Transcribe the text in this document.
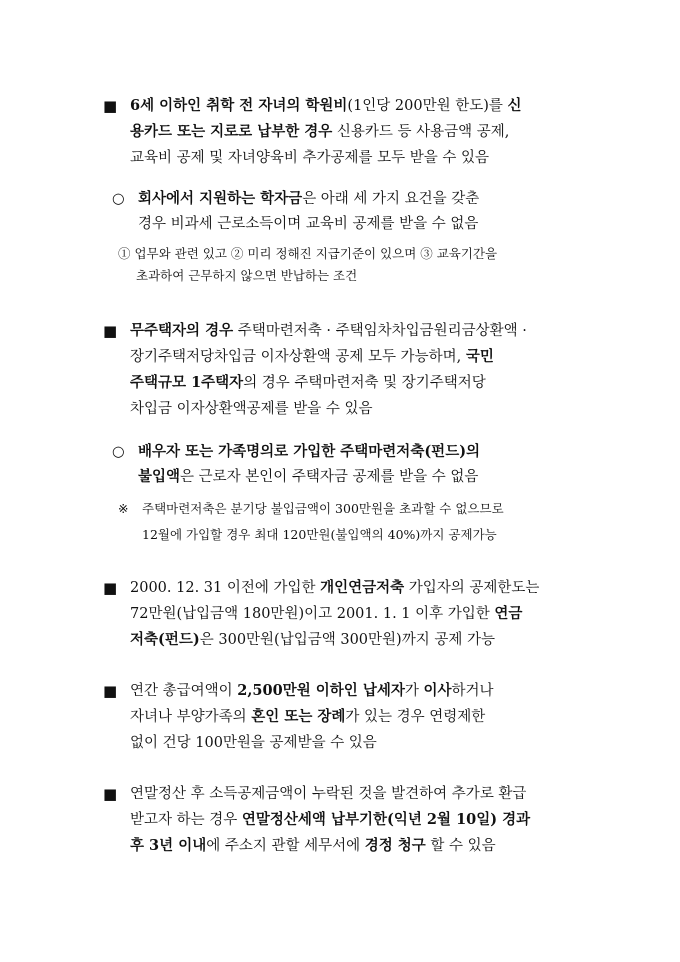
■ 6세 이하인 취학 전 자녀의 학원비(1인당 200만원 한도)를 신
용카드 또는 지로로 납부한 경우 신용카드 등 사용금액 공제,
교육비 공제 및 자녀양육비 추가공제를 모두 받을 수 있음
○ 회사에서 지원하는 학자금은 아래 세 가지 요건을 갖춘
경우 비과세 근로소득이며 교육비 공제를 받을 수 없음
① 업무와 관련 있고 ② 미리 정해진 지급기준이 있으며 ③ 교육기간을
초과하여 근무하지 않으면 반납하는 조건
■ 무주택자의 경우 주택마련저축 · 주택임차차입금원리금상환액 ·
장기주택저당차입금 이자상환액 공제 모두 가능하며, 국민
주택규모 1주택자의 경우 주택마련저축 및 장기주택저당
차입금 이자상환액공제를 받을 수 있음
○ 배우자 또는 가족명의로 가입한 주택마련저축(펀드)의
불입액은 근로자 본인이 주택자금 공제를 받을 수 없음
※ 주택마련저축은 분기당 불입금액이 300만원을 초과할 수 없으므로
12월에 가입할 경우 최대 120만원(불입액의 40%)까지 공제가능
■ 2000. 12. 31 이전에 가입한 개인연금저축 가입자의 공제한도는
72만원(납입금액 180만원)이고 2001. 1. 1 이후 가입한 연금
저축(펀드)은 300만원(납입금액 300만원)까지 공제 가능
■ 연간 총급여액이 2,500만원 이하인 납세자가 이사하거나
자녀나 부양가족의 혼인 또는 장례가 있는 경우 연령제한
없이 건당 100만원을 공제받을 수 있음
■ 연말정산 후 소득공제금액이 누락된 것을 발견하여 추가로 환급
받고자 하는 경우 연말정산세액 납부기한(익년 2월 10일) 경과
후 3년 이내에 주소지 관할 세무서에 경정 청구 할 수 있음
